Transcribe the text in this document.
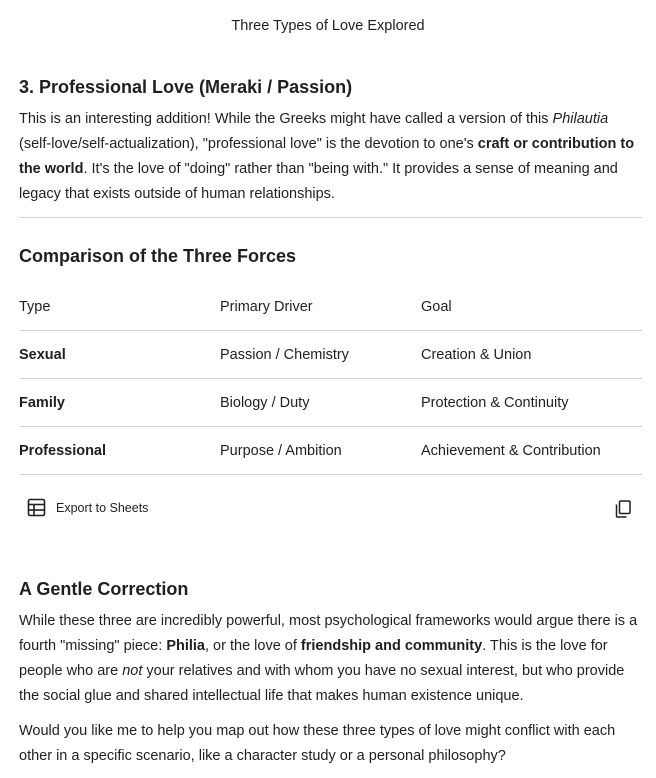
Three Types of Love Explored
3. Professional Love (Meraki / Passion)

This is an interesting addition! While the Greeks might have called a version of this Philautia (self-love/self-actualization), "professional love" is the devotion to one's craft or contribution to the world. It's the love of "doing" rather than "being with." It provides a sense of meaning and legacy that exists outside of human relationships.

Comparison of the Three Forces
Type	Primary Driver	Goal
Sexual	Passion / Chemistry	Creation & Union
Family	Biology / Duty	Protection & Continuity
Professional	Purpose / Ambition	Achievement & Contribution
Export to Sheets
A Gentle Correction

While these three are incredibly powerful, most psychological frameworks would argue there is a fourth "missing" piece: Philia, or the love of friendship and community. This is the love for people who are not your relatives and with whom you have no sexual interest, but who provide the social glue and shared intellectual life that makes human existence unique.

Would you like me to help you map out how these three types of love might conflict with each other in a specific scenario, like a character study or a personal philosophy?
